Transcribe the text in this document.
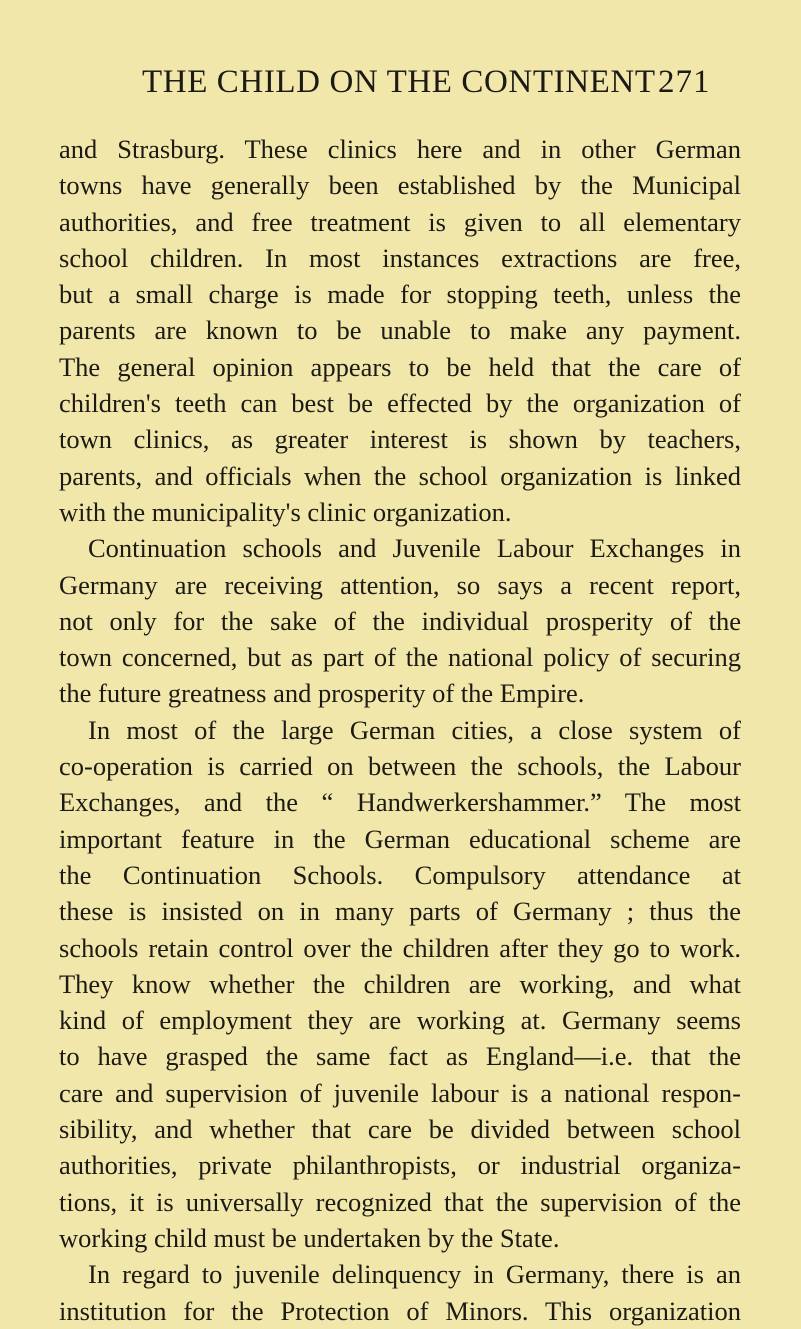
THE CHILD ON THE CONTINENT 271
and Strasburg. These clinics here and in other German
towns have generally been established by the Municipal
authorities, and free treatment is given to all elementary
school children. In most instances extractions are free,
but a small charge is made for stopping teeth, unless the
parents are known to be unable to make any payment.
The general opinion appears to be held that the care of
children's teeth can best be effected by the organization of
town clinics, as greater interest is shown by teachers,
parents, and officials when the school organization is linked
with the municipality's clinic organization.
Continuation schools and Juvenile Labour Exchanges in
Germany are receiving attention, so says a recent report,
not only for the sake of the individual prosperity of the
town concerned, but as part of the national policy of securing
the future greatness and prosperity of the Empire.
In most of the large German cities, a close system of
co-operation is carried on between the schools, the Labour
Exchanges, and the “ Handwerkershammer.” The most
important feature in the German educational scheme are
the Continuation Schools. Compulsory attendance at
these is insisted on in many parts of Germany ; thus the
schools retain control over the children after they go to work.
They know whether the children are working, and what
kind of employment they are working at. Germany seems
to have grasped the same fact as England—i.e. that the
care and supervision of juvenile labour is a national respon-
sibility, and whether that care be divided between school
authorities, private philanthropists, or industrial organiza-
tions, it is universally recognized that the supervision of the
working child must be undertaken by the State.
In regard to juvenile delinquency in Germany, there is an
institution for the Protection of Minors. This organization
